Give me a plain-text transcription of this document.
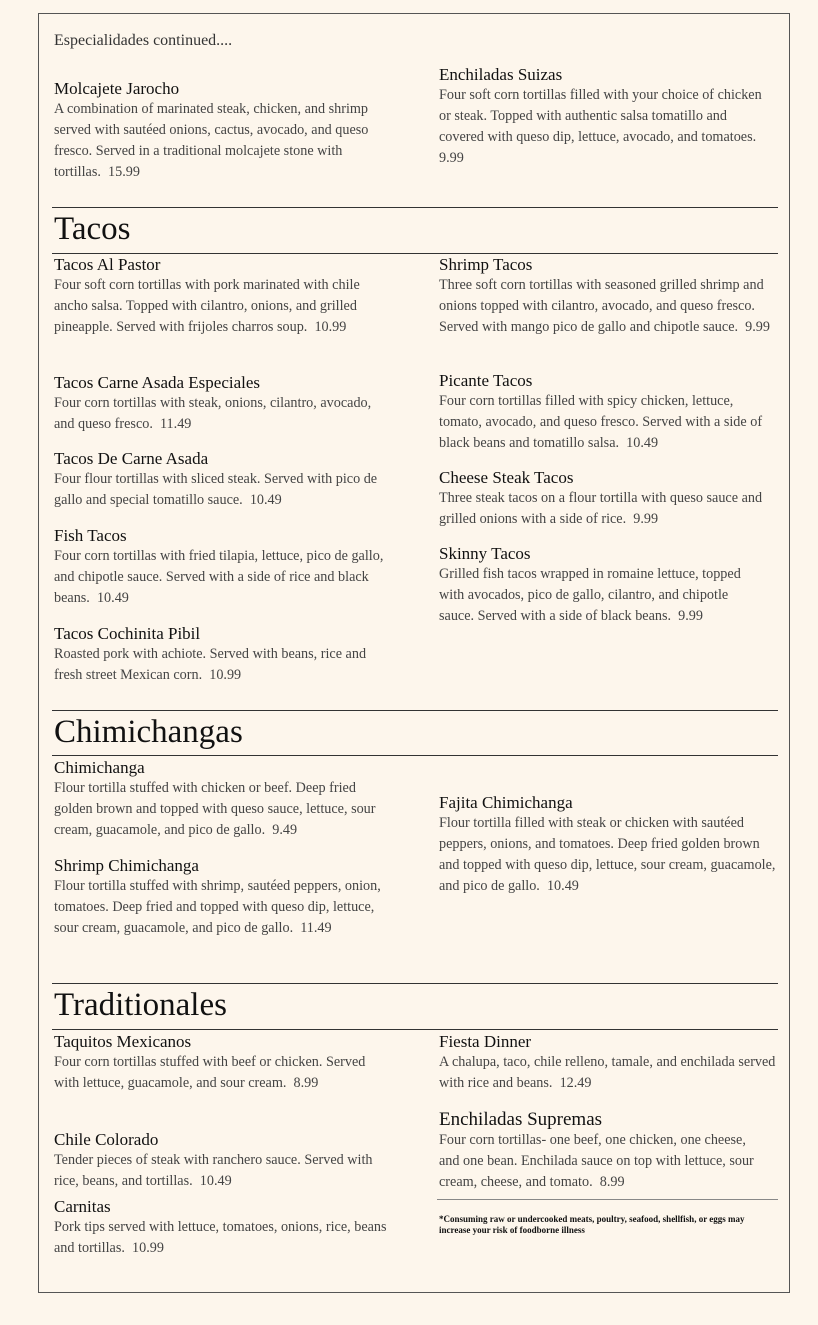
Especialidades continued....
Molcajete Jarocho
A combination of marinated steak, chicken, and shrimp served with sautéed onions, cactus, avocado, and queso fresco. Served in a traditional molcajete stone with tortillas. 15.99
Enchiladas Suizas
Four soft corn tortillas filled with your choice of chicken or steak. Topped with authentic salsa tomatillo and covered with queso dip, lettuce, avocado, and tomatoes.  9.99
Tacos
Tacos Al Pastor
Four soft corn tortillas with pork marinated with chile ancho salsa. Topped with cilantro, onions, and grilled pineapple. Served with frijoles charros soup. 10.99
Tacos Carne Asada Especiales
Four corn tortillas with steak, onions, cilantro, avocado, and queso fresco. 11.49
Tacos De Carne Asada
Four flour tortillas with sliced steak. Served with pico de gallo and special tomatillo sauce. 10.49
Fish Tacos
Four corn tortillas with fried tilapia, lettuce, pico de gallo, and chipotle sauce. Served with a side of rice and black beans. 10.49
Tacos Cochinita Pibil
Roasted pork with achiote. Served with beans, rice and fresh street Mexican corn. 10.99
Shrimp Tacos
Three soft corn tortillas with seasoned grilled shrimp and onions topped with cilantro, avocado, and queso fresco. Served with mango pico de gallo and chipotle sauce. 9.99
Picante Tacos
Four corn tortillas filled with spicy chicken, lettuce, tomato, avocado, and queso fresco. Served with a side of black beans and tomatillo salsa. 10.49
Cheese Steak Tacos
Three steak tacos on a flour tortilla with queso sauce and grilled onions with a side of rice. 9.99
Skinny Tacos
Grilled fish tacos wrapped in romaine lettuce, topped with avocados, pico de gallo, cilantro, and chipotle sauce. Served with a side of black beans. 9.99
Chimichangas
Chimichanga
Flour tortilla stuffed with chicken or beef. Deep fried golden brown and topped with queso sauce, lettuce, sour cream, guacamole, and pico de gallo. 9.49
Shrimp Chimichanga
Flour tortilla stuffed with shrimp, sautéed peppers, onion, tomatoes. Deep fried and topped with queso dip, lettuce, sour cream, guacamole, and pico de gallo. 11.49
Fajita Chimichanga
Flour tortilla filled with steak or chicken with sautéed peppers, onions, and tomatoes. Deep fried golden brown and topped with queso dip, lettuce, sour cream, guacamole, and pico de gallo. 10.49
Traditionales
Taquitos Mexicanos
Four corn tortillas stuffed with beef or chicken. Served with lettuce, guacamole, and sour cream. 8.99
Chile Colorado
Tender pieces of steak with ranchero sauce. Served with rice, beans, and tortillas. 10.49
Carnitas
Pork tips served with lettuce, tomatoes, onions, rice, beans and tortillas. 10.99
Fiesta Dinner
A chalupa, taco, chile relleno, tamale, and enchilada served with rice and beans. 12.49
Enchiladas Supremas
Four corn tortillas- one beef, one chicken, one cheese, and one bean. Enchilada sauce on top with lettuce, sour cream, cheese, and tomato. 8.99
*Consuming raw or undercooked meats, poultry, seafood, shellfish, or eggs may increase your risk of foodborne illness
